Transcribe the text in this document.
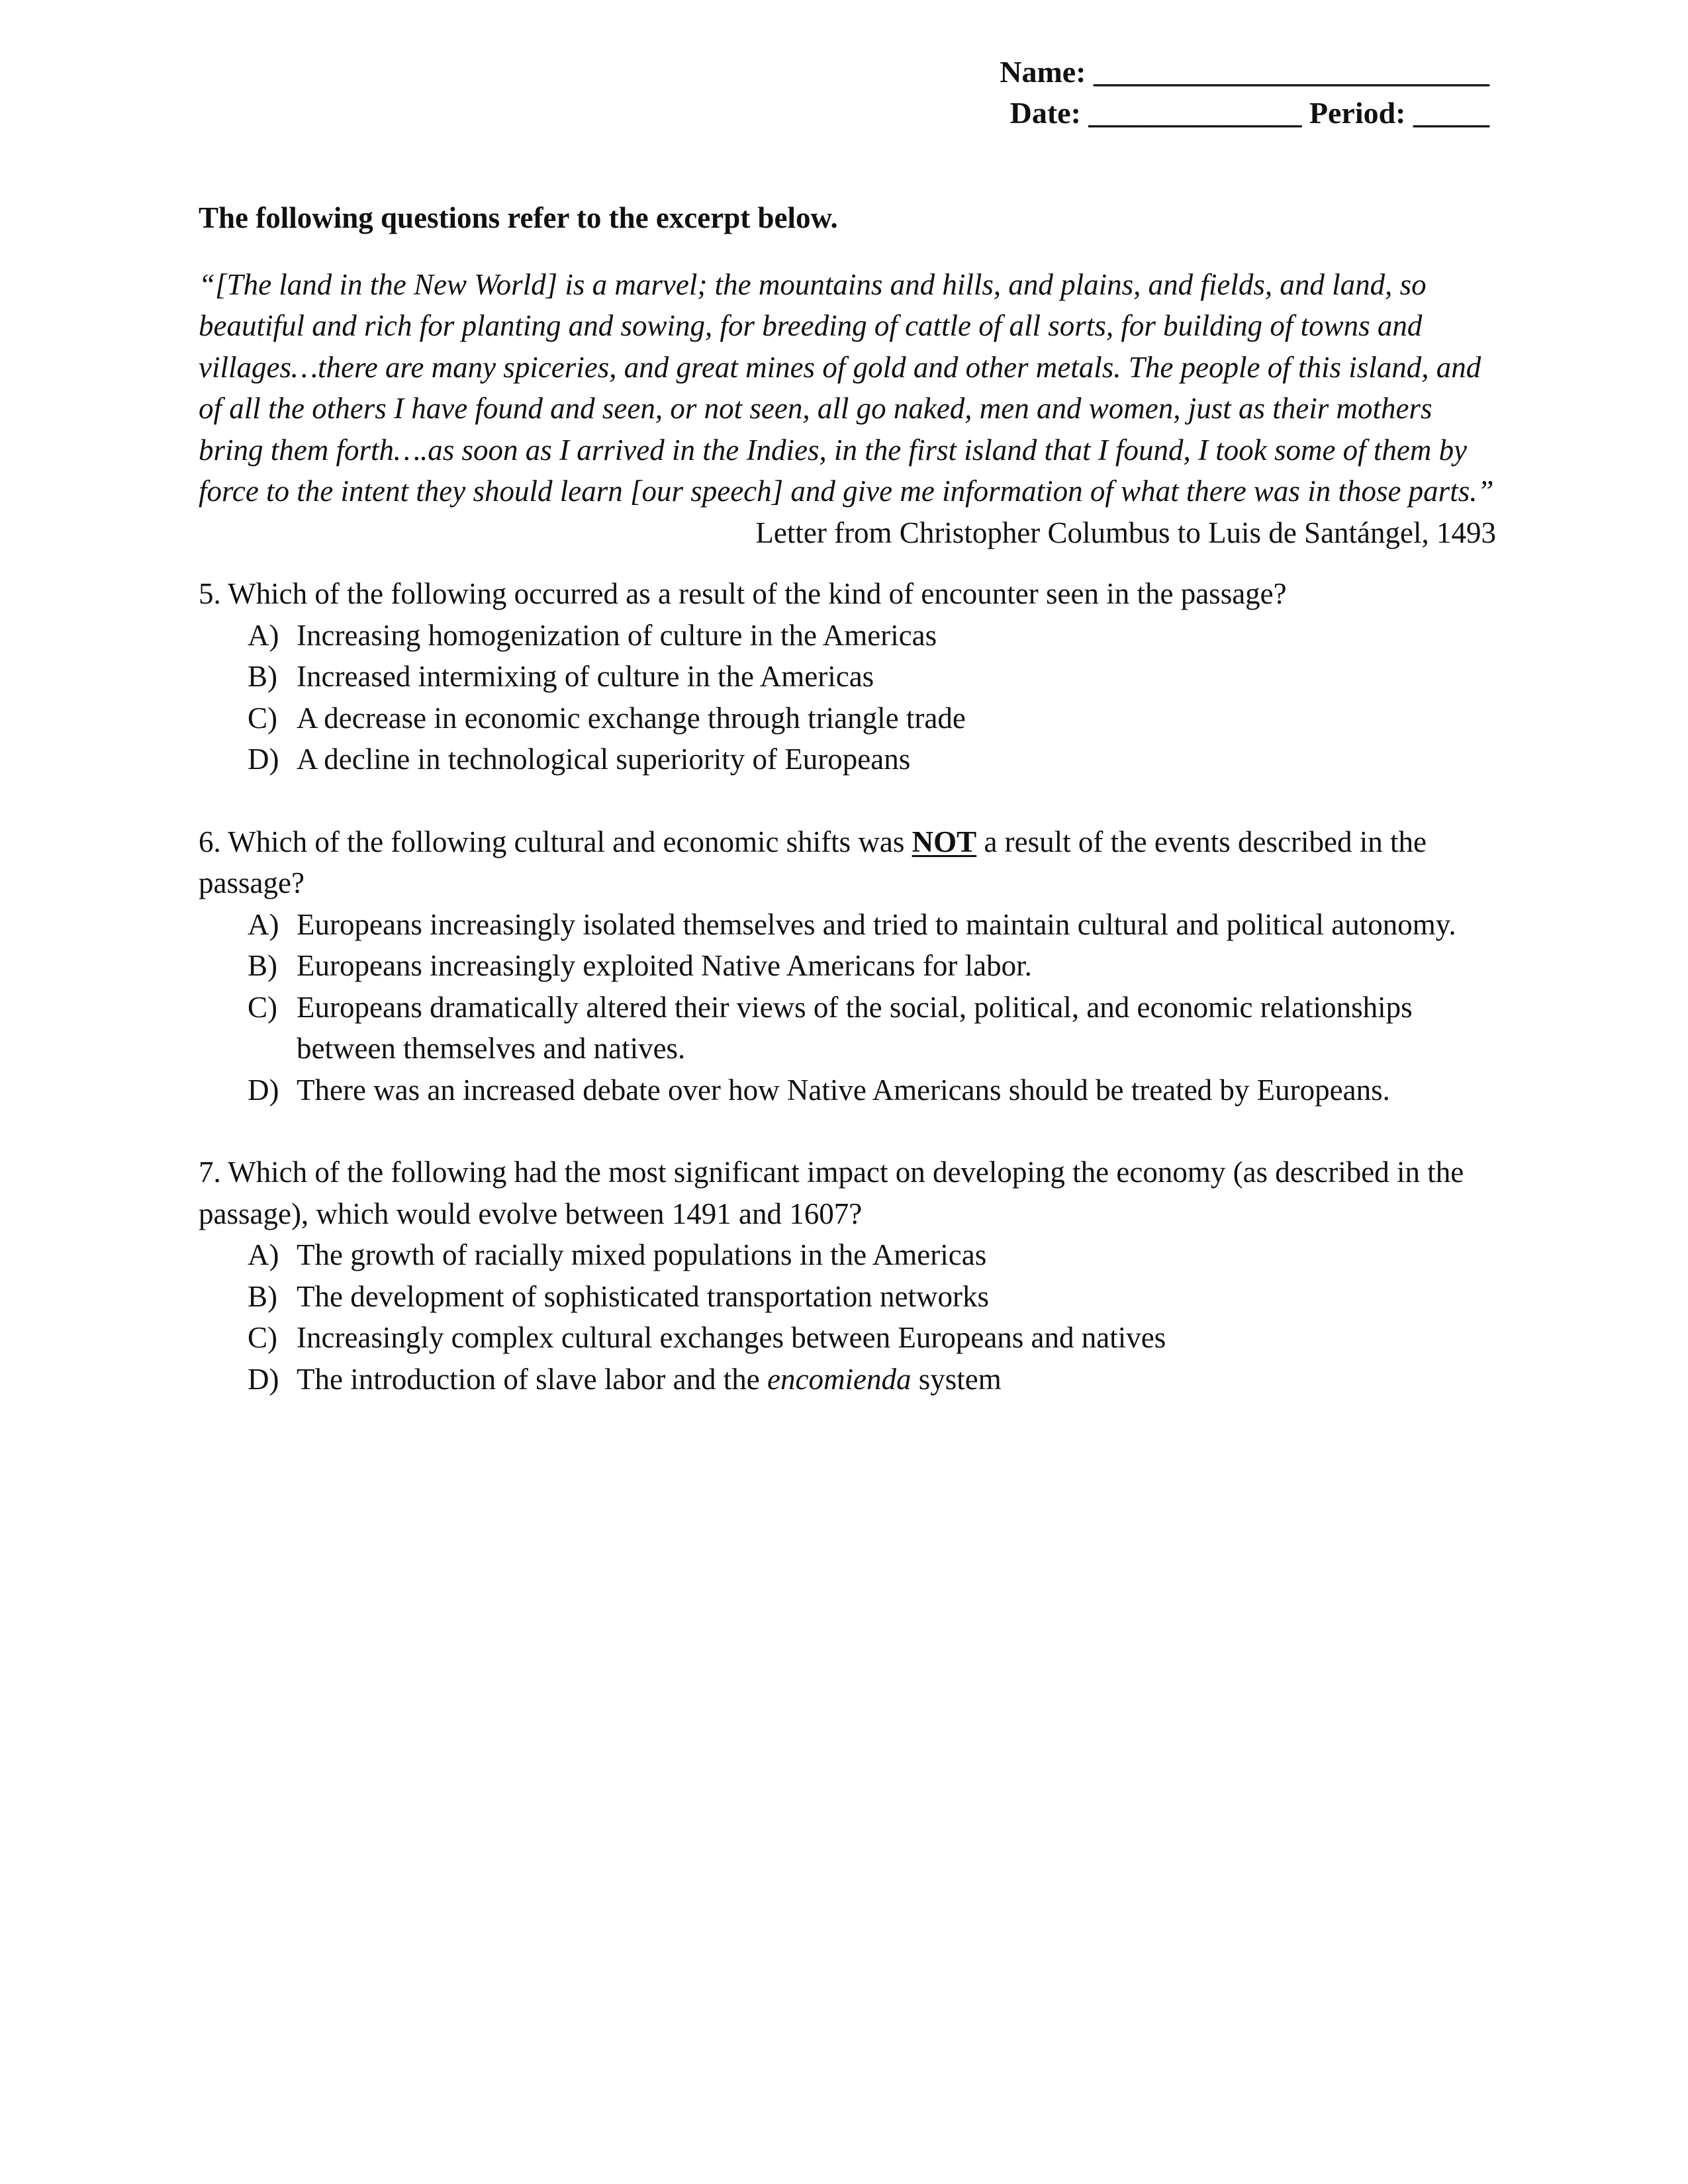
Name: __________________________
Date: ______________ Period: _____

The following questions refer to the excerpt below.

“[The land in the New World] is a marvel; the mountains and hills, and plains, and fields, and land, so beautiful and rich for planting and sowing, for breeding of cattle of all sorts, for building of towns and villages…there are many spiceries, and great mines of gold and other metals. The people of this island, and of all the others I have found and seen, or not seen, all go naked, men and women, just as their mothers bring them forth….as soon as I arrived in the Indies, in the first island that I found, I took some of them by force to the intent they should learn [our speech] and give me information of what there was in those parts.”

Letter from Christopher Columbus to Luis de Santángel, 1493

5. Which of the following occurred as a result of the kind of encounter seen in the passage?

A) Increasing homogenization of culture in the Americas
B) Increased intermixing of culture in the Americas
C) A decrease in economic exchange through triangle trade
D) A decline in technological superiority of Europeans

6. Which of the following cultural and economic shifts was NOT a result of the events described in the passage?

A) Europeans increasingly isolated themselves and tried to maintain cultural and political autonomy.
B) Europeans increasingly exploited Native Americans for labor.
C) Europeans dramatically altered their views of the social, political, and economic relationships between themselves and natives.
D) There was an increased debate over how Native Americans should be treated by Europeans.

7. Which of the following had the most significant impact on developing the economy (as described in the passage), which would evolve between 1491 and 1607?

A) The growth of racially mixed populations in the Americas
B) The development of sophisticated transportation networks
C) Increasingly complex cultural exchanges between Europeans and natives
D) The introduction of slave labor and the encomienda system
